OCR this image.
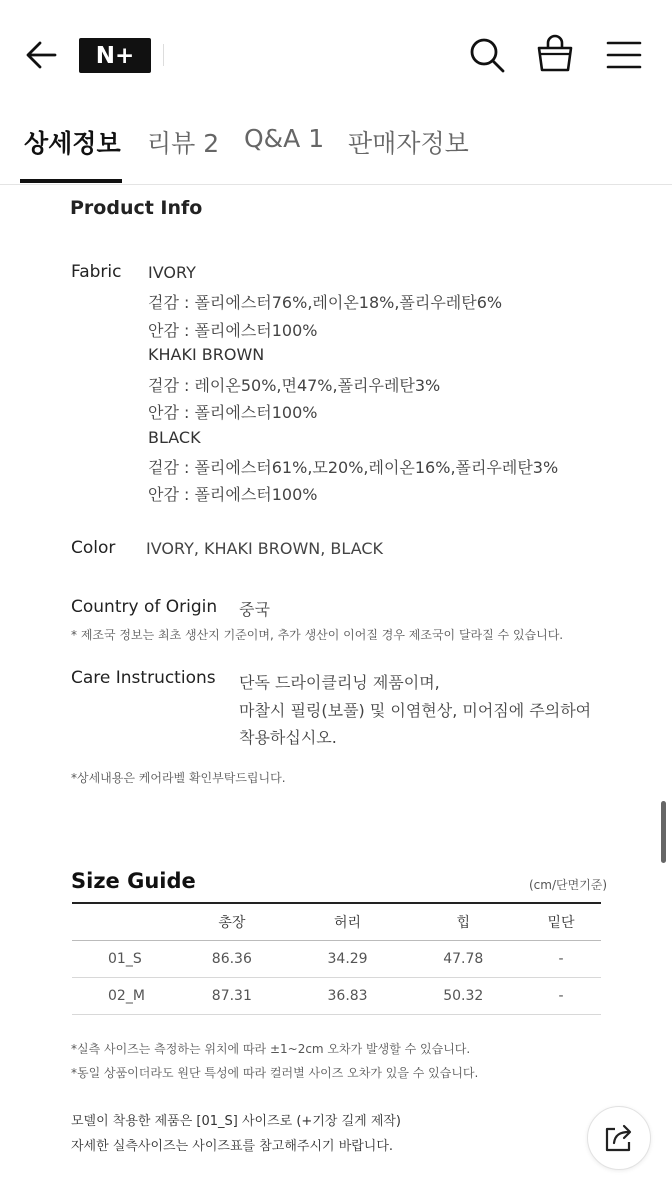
N+
상세정보 리뷰 2 Q&A 1 판매자정보
Product Info
Fabric IVORY
겉감 : 폴리에스터76%,레이온18%,폴리우레탄6%
안감 : 폴리에스터100%
KHAKI BROWN
겉감 : 레이온50%,면47%,폴리우레탄3%
안감 : 폴리에스터100%
BLACK
겉감 : 폴리에스터61%,모20%,레이온16%,폴리우레탄3%
안감 : 폴리에스터100%
Color IVORY, KHAKI BROWN, BLACK
Country of Origin 중국
* 제조국 정보는 최초 생산지 기준이며, 추가 생산이 이어질 경우 제조국이 달라질 수 있습니다.
Care Instructions 단독 드라이클리닝 제품이며,
마찰시 필링(보풀) 및 이염현상, 미어짐에 주의하여
착용하십시오.
*상세내용은 케어라벨 확인부탁드립니다.
Size Guide	(cm/단면기준)
	총장	허리	힙	밑단
01_S	86.36	34.29	47.78	-
02_M	87.31	36.83	50.32	-
*실측 사이즈는 측정하는 위치에 따라 ±1~2cm 오차가 발생할 수 있습니다.
*동일 상품이더라도 원단 특성에 따라 컬러별 사이즈 오차가 있을 수 있습니다.
모델이 착용한 제품은 [01_S] 사이즈로 (+기장 길게 제작)
자세한 실측사이즈는 사이즈표를 참고해주시기 바랍니다.
